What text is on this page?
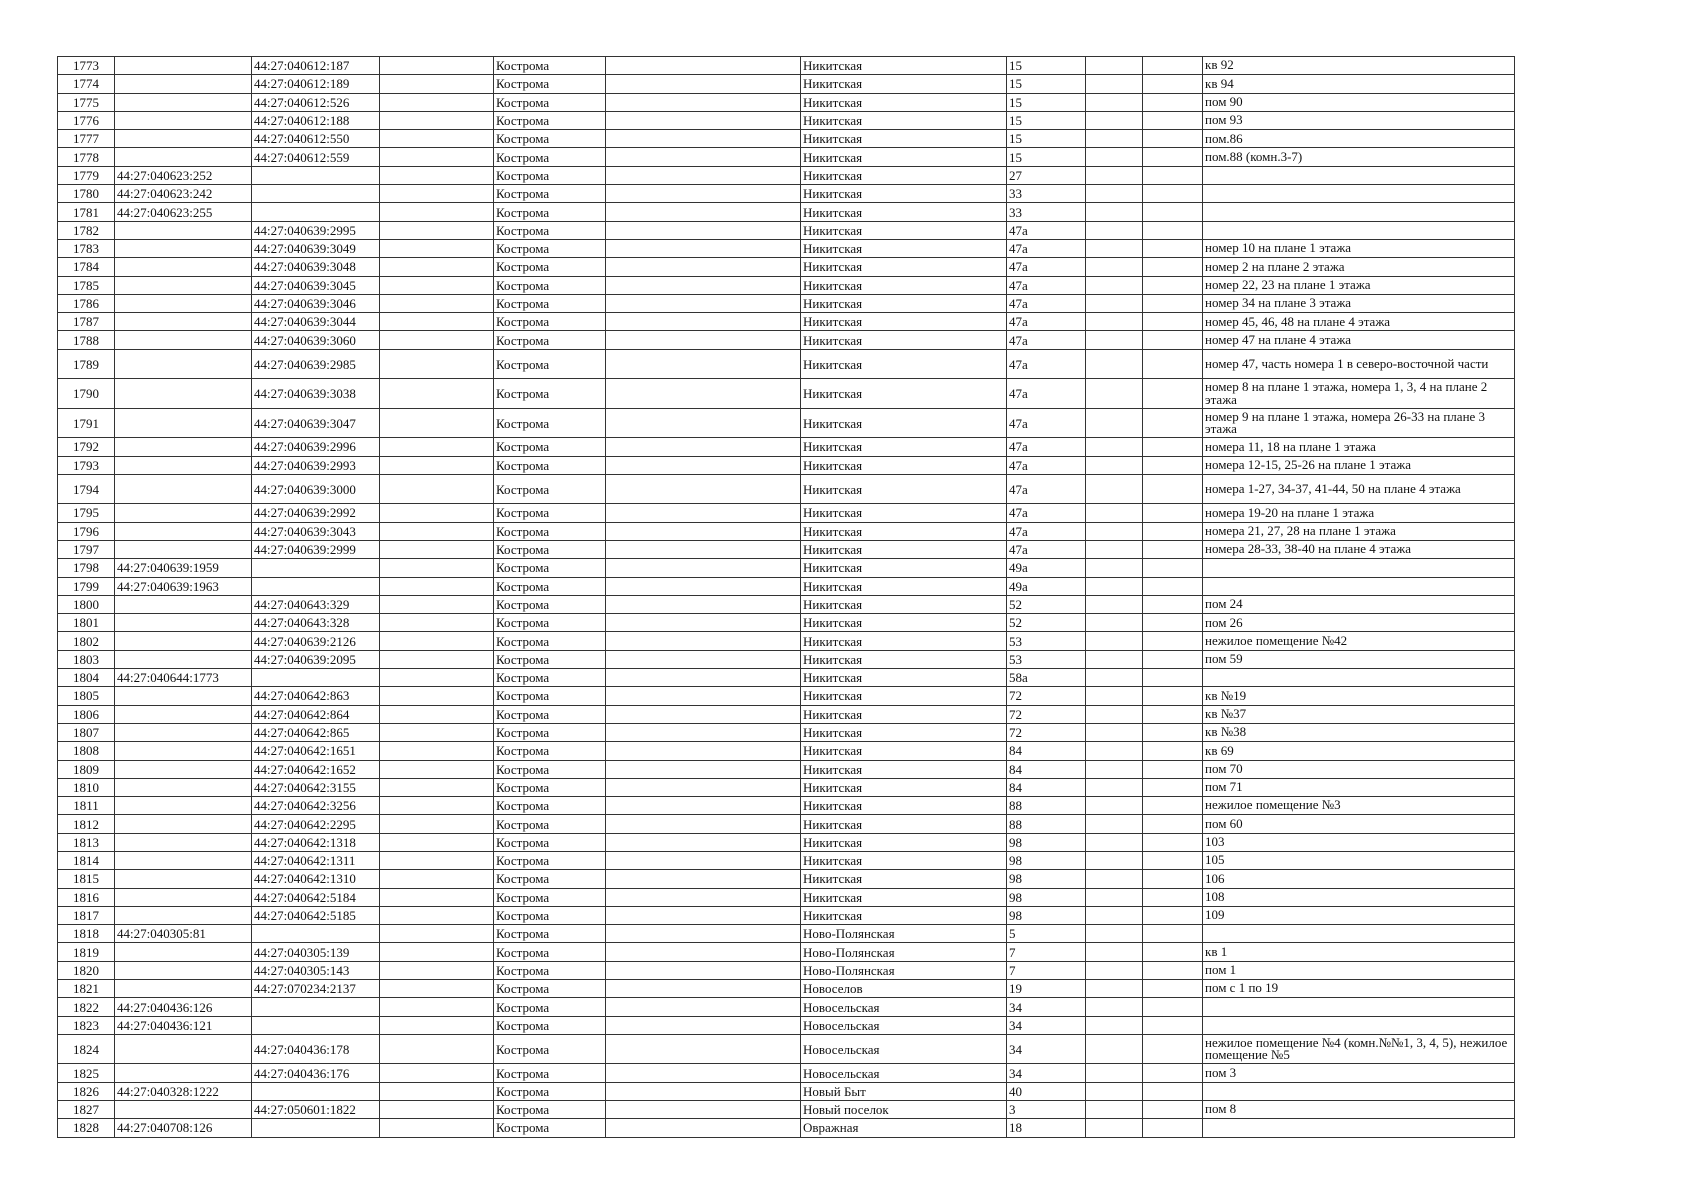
1773		44:27:040612:187		Кострома		Никитская	15			кв 92
1774		44:27:040612:189		Кострома		Никитская	15			кв 94
1775		44:27:040612:526		Кострома		Никитская	15			пом 90
1776		44:27:040612:188		Кострома		Никитская	15			пом 93
1777		44:27:040612:550		Кострома		Никитская	15			пом.86
1778		44:27:040612:559		Кострома		Никитская	15			пом.88 (комн.3-7)
1779	44:27:040623:252			Кострома		Никитская	27			
1780	44:27:040623:242			Кострома		Никитская	33			
1781	44:27:040623:255			Кострома		Никитская	33			
1782		44:27:040639:2995		Кострома		Никитская	47а			
1783		44:27:040639:3049		Кострома		Никитская	47а			номер 10 на плане 1 этажа
1784		44:27:040639:3048		Кострома		Никитская	47а			номер 2 на плане 2 этажа
1785		44:27:040639:3045		Кострома		Никитская	47а			номер 22, 23 на плане 1 этажа
1786		44:27:040639:3046		Кострома		Никитская	47а			номер 34 на плане 3 этажа
1787		44:27:040639:3044		Кострома		Никитская	47а			номер 45, 46, 48 на плане 4 этажа
1788		44:27:040639:3060		Кострома		Никитская	47а			номер 47 на плане 4 этажа
1789		44:27:040639:2985		Кострома		Никитская	47а			номер 47, часть номера 1 в северо-восточной части
1790		44:27:040639:3038		Кострома		Никитская	47а			номер 8 на плане 1 этажа, номера 1, 3, 4 на плане 2 этажа
1791		44:27:040639:3047		Кострома		Никитская	47а			номер 9 на плане 1 этажа, номера 26-33 на плане 3 этажа
1792		44:27:040639:2996		Кострома		Никитская	47а			номера 11, 18 на плане 1 этажа
1793		44:27:040639:2993		Кострома		Никитская	47а			номера 12-15, 25-26 на плане 1 этажа
1794		44:27:040639:3000		Кострома		Никитская	47а			номера 1-27, 34-37, 41-44, 50 на плане 4 этажа
1795		44:27:040639:2992		Кострома		Никитская	47а			номера 19-20 на плане 1 этажа
1796		44:27:040639:3043		Кострома		Никитская	47а			номера 21, 27, 28 на плане 1 этажа
1797		44:27:040639:2999		Кострома		Никитская	47а			номера 28-33, 38-40 на плане 4 этажа
1798	44:27:040639:1959			Кострома		Никитская	49а			
1799	44:27:040639:1963			Кострома		Никитская	49а			
1800		44:27:040643:329		Кострома		Никитская	52			пом 24
1801		44:27:040643:328		Кострома		Никитская	52			пом 26
1802		44:27:040639:2126		Кострома		Никитская	53			нежилое помещение №42
1803		44:27:040639:2095		Кострома		Никитская	53			пом 59
1804	44:27:040644:1773			Кострома		Никитская	58а			
1805		44:27:040642:863		Кострома		Никитская	72			кв №19
1806		44:27:040642:864		Кострома		Никитская	72			кв №37
1807		44:27:040642:865		Кострома		Никитская	72			кв №38
1808		44:27:040642:1651		Кострома		Никитская	84			кв 69
1809		44:27:040642:1652		Кострома		Никитская	84			пом 70
1810		44:27:040642:3155		Кострома		Никитская	84			пом 71
1811		44:27:040642:3256		Кострома		Никитская	88			нежилое помещение №3
1812		44:27:040642:2295		Кострома		Никитская	88			пом 60
1813		44:27:040642:1318		Кострома		Никитская	98			103
1814		44:27:040642:1311		Кострома		Никитская	98			105
1815		44:27:040642:1310		Кострома		Никитская	98			106
1816		44:27:040642:5184		Кострома		Никитская	98			108
1817		44:27:040642:5185		Кострома		Никитская	98			109
1818	44:27:040305:81			Кострома		Ново-Полянская	5			
1819		44:27:040305:139		Кострома		Ново-Полянская	7			кв 1
1820		44:27:040305:143		Кострома		Ново-Полянская	7			пом 1
1821		44:27:070234:2137		Кострома		Новоселов	19			пом с 1 по 19
1822	44:27:040436:126			Кострома		Новосельская	34			
1823	44:27:040436:121			Кострома		Новосельская	34			
1824		44:27:040436:178		Кострома		Новосельская	34			нежилое помещение №4 (комн.№№1, 3, 4, 5), нежилое помещение №5
1825		44:27:040436:176		Кострома		Новосельская	34			пом 3
1826	44:27:040328:1222			Кострома		Новый Быт	40			
1827		44:27:050601:1822		Кострома		Новый поселок	3			пом 8
1828	44:27:040708:126			Кострома		Овражная	18			
